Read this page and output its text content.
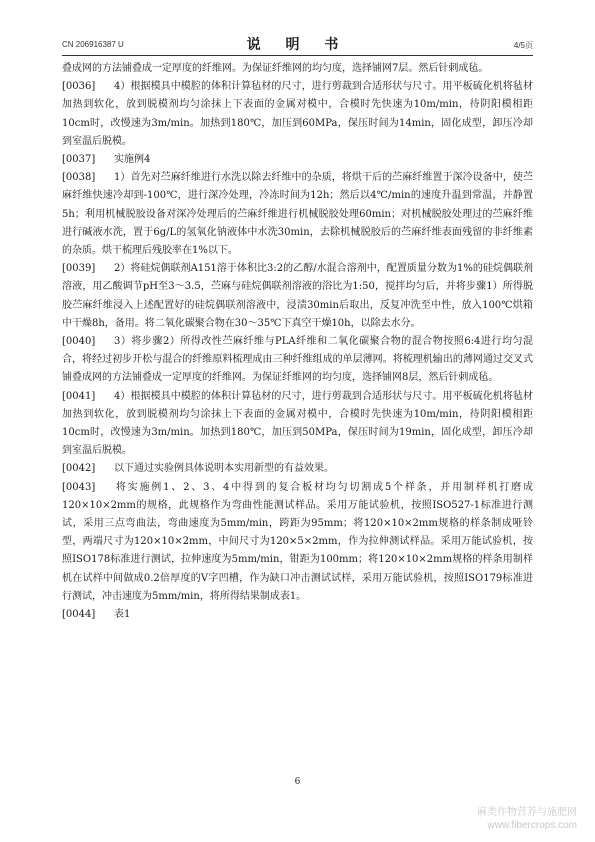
CN 206916387 U	说 明 书	4/5页

叠成网的方法铺叠成一定厚度的纤维网。为保证纤维网的均匀度，选择铺网7层。然后针刺成毡。

[0036] 4）根据模具中模腔的体积计算毡材的尺寸，进行剪裁到合适形状与尺寸。用平板硫化机将毡材加热到软化，放到脱模剂均匀涂抹上下表面的金属对模中，合模时先快速为10m/min，待阴阳模相距10cm时，改慢速为3m/min。加热到180℃，加压到60MPa，保压时间为14min，固化成型，卸压冷却到室温后脱模。

[0037] 实施例4

[0038] 1）首先对苎麻纤维进行水洗以除去纤维中的杂质，将烘干后的苎麻纤维置于深冷设备中，使苎麻纤维快速冷却到-100℃，进行深冷处理，冷冻时间为12h；然后以4℃/min的速度升温到常温，并静置5h；利用机械脱胶设备对深冷处理后的苎麻纤维进行机械脱胶处理60min；对机械脱胶处理过的苎麻纤维进行碱液水洗，置于6g/L的氢氧化钠液体中水洗30min，去除机械脱胶后的苎麻纤维表面残留的非纤维素的杂质。烘干梳理后残胶率在1%以下。

[0039] 2）将硅烷偶联剂A151溶于体积比3:2的乙醇/水混合溶剂中，配置质量分数为1%的硅烷偶联剂溶液，用乙酸调节pH至3～3.5，苎麻与硅烷偶联剂溶液的浴比为1:50，搅拌均匀后，并将步骤1）所得脱胶苎麻纤维浸入上述配置好的硅烷偶联剂溶液中，浸渍30min后取出，反复冲洗至中性，放入100℃烘箱中干燥8h，备用。将二氧化碳聚合物在30～35℃下真空干燥10h，以除去水分。

[0040] 3）将步骤2）所得改性苎麻纤维与PLA纤维和二氧化碳聚合物的混合物按照6:4进行均匀混合，将经过初步开松与混合的纤维原料梳理成由三种纤维组成的单层薄网。将梳理机输出的薄网通过交叉式铺叠成网的方法铺叠成一定厚度的纤维网。为保证纤维网的均匀度，选择铺网8层，然后针刺成毡。

[0041] 4）根据模具中模腔的体积计算毡材的尺寸，进行剪裁到合适形状与尺寸。用平板硫化机将毡材加热到软化，放到脱模剂均匀涂抹上下表面的金属对模中，合模时先快速为10m/min，待阴阳模相距10cm时，改慢速为3m/min。加热到180℃，加压到50MPa，保压时间为19min，固化成型，卸压冷却到室温后脱模。

[0042] 以下通过实验例具体说明本实用新型的有益效果。

[0043] 将实施例1、2、3、4中得到的复合板材均匀切割成5个样条，并用制样机打磨成120×10×2mm的规格，此规格作为弯曲性能测试样品。采用万能试验机，按照ISO527-1标准进行测试，采用三点弯曲法，弯曲速度为5mm/min，跨距为95mm；将120×10×2mm规格的样条制成哑铃型，两端尺寸为120×10×2mm，中间尺寸为120×5×2mm，作为拉伸测试样品。采用万能试验机，按照ISO178标准进行测试，拉伸速度为5mm/min，钳距为100mm；将120×10×2mm规格的样条用制样机在试样中间做成0.2倍厚度的V字凹槽，作为缺口冲击测试试样，采用万能试验机，按照ISO179标准进行测试，冲击速度为5mm/min，将所得结果制成表1。

[0044] 表1

6
麻类作物营养与施肥网
www.fibercrops.com
